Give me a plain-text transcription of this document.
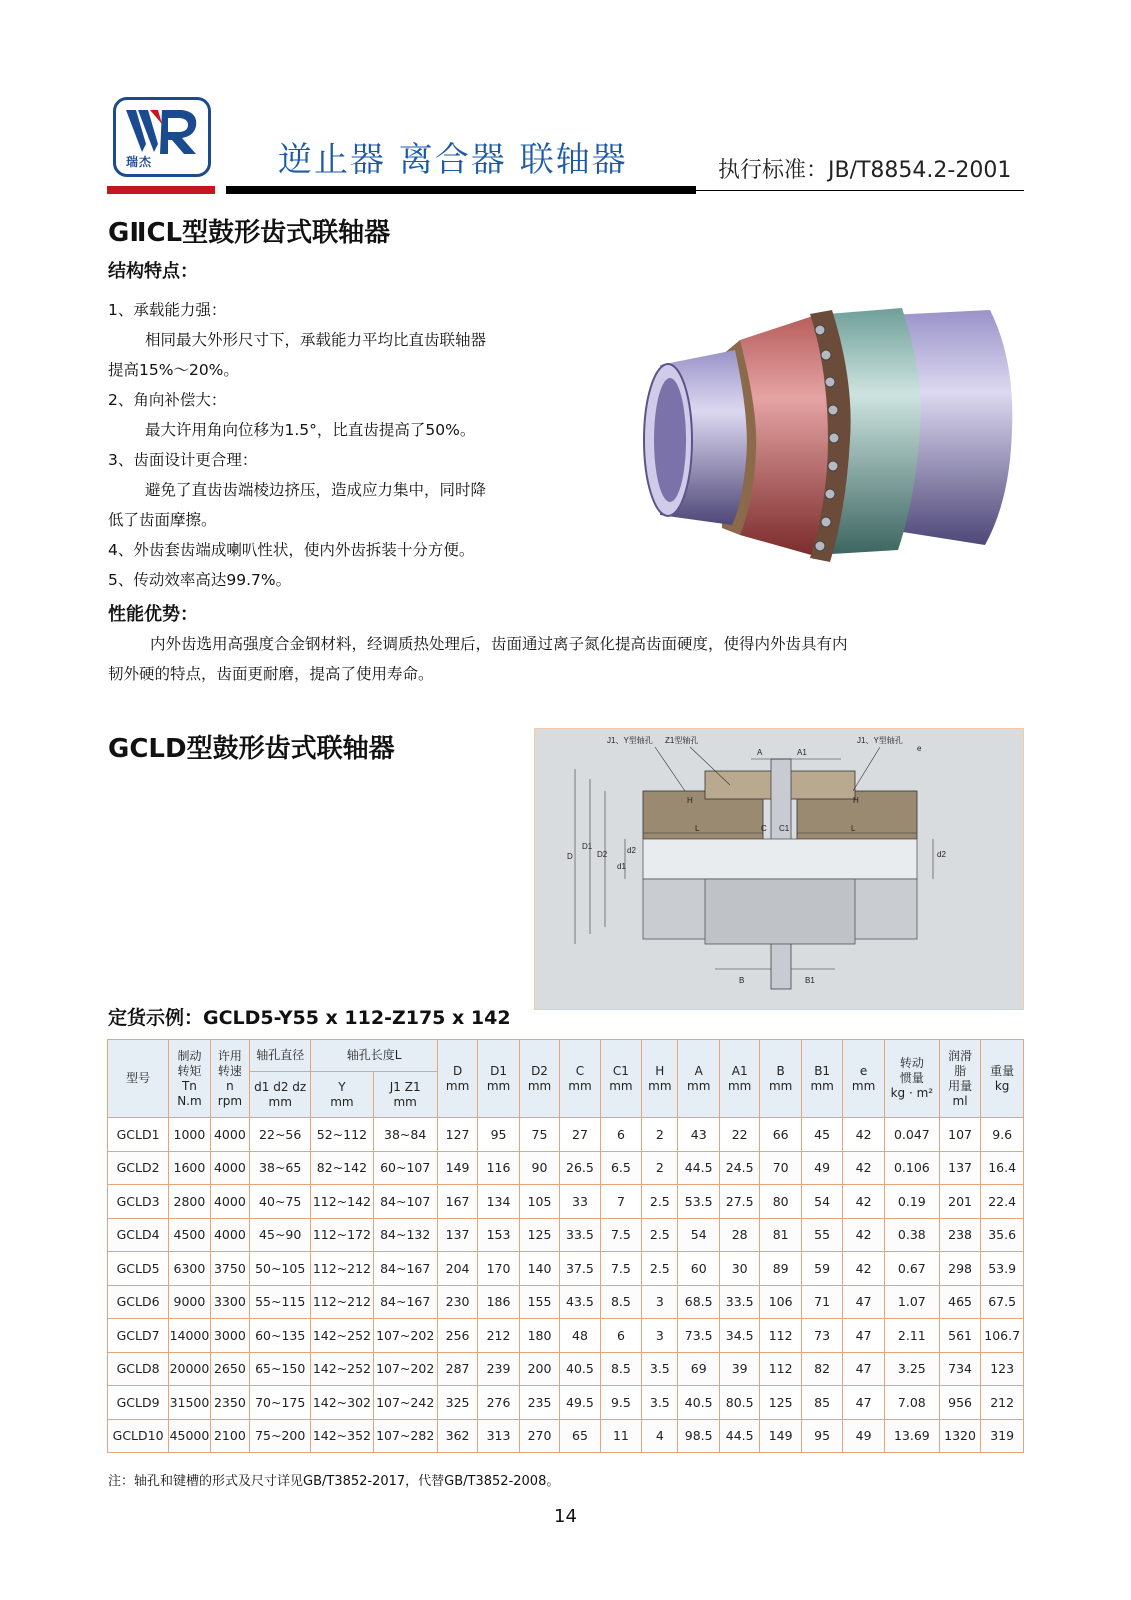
瑞杰	逆止器 离合器 联轴器	执行标准：JB/T8854.2-2001
GⅡCL型鼓形齿式联轴器
结构特点：
1、承载能力强：
相同最大外形尺寸下，承载能力平均比直齿联轴器
提高15%～20%。
2、角向补偿大：
最大许用角向位移为1.5°，比直齿提高了50%。
3、齿面设计更合理：
避免了直齿齿端棱边挤压，造成应力集中，同时降
低了齿面摩擦。
4、外齿套齿端成喇叭性状，使内外齿拆装十分方便。
5、传动效率高达99.7%。
性能优势：
内外齿选用高强度合金钢材料，经调质热处理后，齿面通过离子氮化提高齿面硬度，使得内外齿具有内
韧外硬的特点，齿面更耐磨，提高了使用寿命。
GCLD型鼓形齿式联轴器	J1、Y型轴孔 Z1型轴孔	J1、Y型轴孔
A	A1	e
H	H
L	C C1	L
D
D1
D2
d1
d2	d2
B	B1
定货示例：GCLD5-Y55 x 112-Z175 x 142
型号	制动
转矩
Tn
N.m	许用
转速
n
rpm	轴孔直径	轴孔长度L		D
mm	D1
mm	D2
mm	C
mm	C1
mm	H
mm	A
mm	A1
mm	B
mm	B1
mm	e
mm	转动
惯量
kg · m²	润滑
脂
用量
ml	重量
kg
			d1 d2 dz
mm	Y
mm	J1 Z1
mm														
GCLD1	1000	4000	22~56	52~112	38~84	127	95	75	27	6	2	43	22	66	45	42	0.047	107	9.6
GCLD2	1600	4000	38~65	82~142	60~107	149	116	90	26.5	6.5	2	44.5	24.5	70	49	42	0.106	137	16.4
GCLD3	2800	4000	40~75	112~142	84~107	167	134	105	33	7	2.5	53.5	27.5	80	54	42	0.19	201	22.4
GCLD4	4500	4000	45~90	112~172	84~132	137	153	125	33.5	7.5	2.5	54	28	81	55	42	0.38	238	35.6
GCLD5	6300	3750	50~105	112~212	84~167	204	170	140	37.5	7.5	2.5	60	30	89	59	42	0.67	298	53.9
GCLD6	9000	3300	55~115	112~212	84~167	230	186	155	43.5	8.5	3	68.5	33.5	106	71	47	1.07	465	67.5
GCLD7	14000	3000	60~135	142~252	107~202	256	212	180	48	6	3	73.5	34.5	112	73	47	2.11	561	106.7
GCLD8	20000	2650	65~150	142~252	107~202	287	239	200	40.5	8.5	3.5	69	39	112	82	47	3.25	734	123
GCLD9	31500	2350	70~175	142~302	107~242	325	276	235	49.5	9.5	3.5	40.5	80.5	125	85	47	7.08	956	212
GCLD10	45000	2100	75~200	142~352	107~282	362	313	270	65	11	4	98.5	44.5	149	95	49	13.69	1320	319
注：轴孔和键槽的形式及尺寸详见GB/T3852-2017，代替GB/T3852-2008。
14
